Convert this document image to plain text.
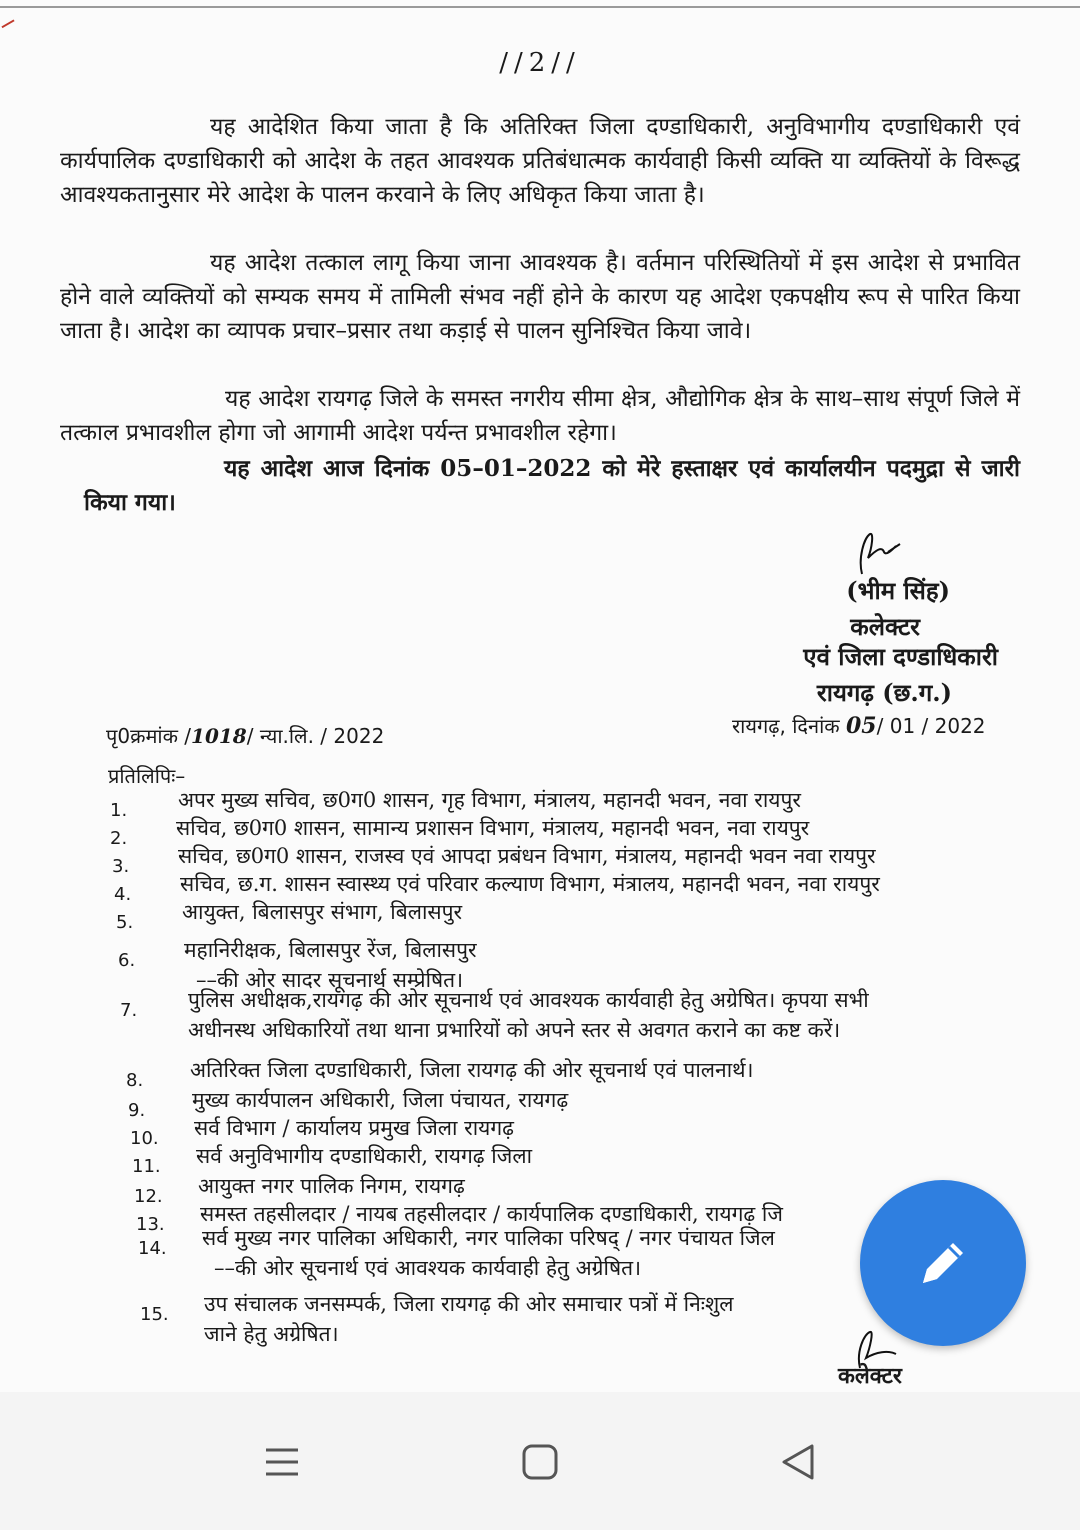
//2//
यह आदेशित किया जाता है कि अतिरिक्त जिला दण्डाधिकारी, अनुविभागीय दण्डाधिकारी एवं कार्यपालिक दण्डाधिकारी को आदेश के तहत आवश्यक प्रतिबंधात्मक कार्यवाही किसी व्यक्ति या व्यक्तियों के विरूद्ध आवश्यकतानुसार मेरे आदेश के पालन करवाने के लिए अधिकृत किया जाता है।
यह आदेश तत्काल लागू किया जाना आवश्यक है। वर्तमान परिस्थितियों में इस आदेश से प्रभावित होने वाले व्यक्तियों को सम्यक समय में तामिली संभव नहीं होने के कारण यह आदेश एकपक्षीय रूप से पारित किया जाता है। आदेश का व्यापक प्रचार–प्रसार तथा कड़ाई से पालन सुनिश्चित किया जावे।
यह आदेश रायगढ़ जिले के समस्त नगरीय सीमा क्षेत्र, औद्योगिक क्षेत्र के साथ–साथ संपूर्ण जिले में तत्काल प्रभावशील होगा जो आगामी आदेश पर्यन्त प्रभावशील रहेगा।
यह आदेश आज दिनांक 05–01–2022 को मेरे हस्ताक्षर एवं कार्यालयीन पदमुद्रा से जारी किया गया।
(भीम सिंह)
कलेक्टर
एवं जिला दण्डाधिकारी
रायगढ़ (छ.ग.)
पृ0क्रमांक /1018/ न्या.लि. / 2022	रायगढ़, दिनांक 05/ 01 / 2022
प्रतिलिपिः–
1. अपर मुख्य सचिव, छ0ग0 शासन, गृह विभाग, मंत्रालय, महानदी भवन, नवा रायपुर
2. सचिव, छ0ग0 शासन, सामान्य प्रशासन विभाग, मंत्रालय, महानदी भवन, नवा रायपुर
3. सचिव, छ0ग0 शासन, राजस्व एवं आपदा प्रबंधन विभाग, मंत्रालय, महानदी भवन नवा रायपुर
4. सचिव, छ.ग. शासन स्वास्थ्य एवं परिवार कल्याण विभाग, मंत्रालय, महानदी भवन, नवा रायपुर
5. आयुक्त, बिलासपुर संभाग, बिलासपुर
6. महानिरीक्षक, बिलासपुर रेंज, बिलासपुर
––की ओर सादर सूचनार्थ सम्प्रेषित।
7. पुलिस अधीक्षक,रायगढ़ की ओर सूचनार्थ एवं आवश्यक कार्यवाही हेतु अग्रेषित। कृपया सभी
अधीनस्थ अधिकारियों तथा थाना प्रभारियों को अपने स्तर से अवगत कराने का कष्ट करें।
8. अतिरिक्त जिला दण्डाधिकारी, जिला रायगढ़ की ओर सूचनार्थ एवं पालनार्थ।
9. मुख्य कार्यपालन अधिकारी, जिला पंचायत, रायगढ़
10. सर्व विभाग / कार्यालय प्रमुख जिला रायगढ़
11. सर्व अनुविभागीय दण्डाधिकारी, रायगढ़ जिला
12. आयुक्त नगर पालिक निगम, रायगढ़
13. समस्त तहसीलदार / नायब तहसीलदार / कार्यपालिक दण्डाधिकारी, रायगढ़ जि
14. सर्व मुख्य नगर पालिका अधिकारी, नगर पालिका परिषद् / नगर पंचायत जिल
––की ओर सूचनार्थ एवं आवश्यक कार्यवाही हेतु अग्रेषित।
15. उप संचालक जनसम्पर्क, जिला रायगढ़ की ओर समाचार पत्रों में निःशुल
जाने हेतु अग्रेषित।
कलेक्टर
